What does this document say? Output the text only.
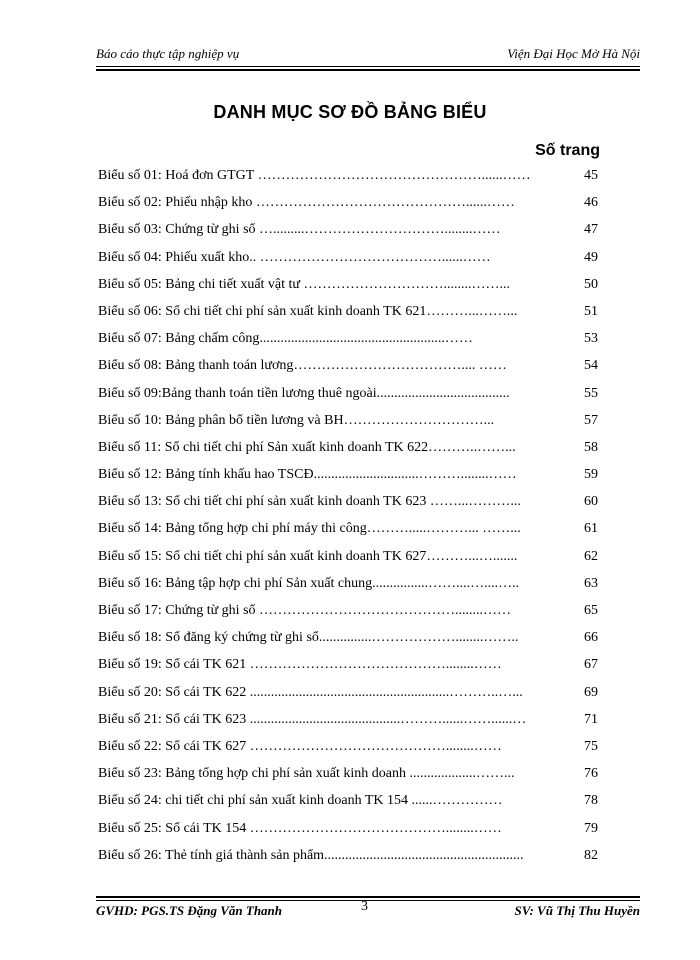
Báo cáo thực tập nghiệp vụ	Viện Đại Học Mở Hà Nội
DANH MỤC SƠ ĐỒ BẢNG BIỂU
Số trang
Biểu số 01: Hoá đơn GTGT …………………………………………......……	45
Biểu số 02: Phiếu nhập kho ………………………………………......……	46
Biểu số 03: Chứng từ ghi sổ ….........…………………………........……	47
Biểu số 04: Phiếu xuất kho.. …………………………………......……	49
Biểu số 05: Bảng chi tiết xuất vật tư …………………………........……...	50
Biểu số 06: Sổ chi tiết chi phí sản xuất kinh doanh TK 621………...……...	51
Biểu số 07: Bảng chấm công.....................................................……	53
Biểu số 08: Bảng thanh toán lương……………………………….... ……	54
Biểu số 09:Bảng thanh toán tiền lương thuê ngoài......................................	55
Biểu số 10: Bảng phân bổ tiền lương và BH…………………………...	57
Biểu số 11: Sổ chi tiết chi phí Sản xuất kinh doanh TK 622………..……...	58
Biểu số 12: Bảng tính khấu hao TSCĐ..............................………........……	59
Biểu số 13: Sổ chi tiết chi phí sản xuất kinh doanh TK 623 ……...………...	60
Biểu số 14: Bảng tổng hợp chi phí máy thi công……….....………... ……...	61
Biểu số 15: Sổ chi tiết chi phí sản xuất kinh doanh TK 627………...….......	62
Biểu số 16: Bảng tập hợp chi phí Sản xuất chung................……....…....…..	63
Biểu số 17: Chứng từ ghi sổ ……………………………………........……	65
Biểu số 18: Sổ đăng ký chứng từ ghi sổ...............………………........……..	66
Biểu số 19: Sổ cái TK 621 ……………………………………........……	67
Biểu số 20: Sổ cái TK 622 .........................................................………..…...	69
Biểu số 21: Sổ cái TK 623 ...........................................………......……......…	71
Biểu số 22: Sổ cái TK 627 ……………………………………........……	75
Biểu số 23: Bảng tổng hợp chi phí sản xuất kinh doanh ...................……...	76
Biểu số 24: chi tiết chi phí sản xuất kinh doanh TK 154 ......……………	78
Biểu số 25: Sổ cái TK 154 ……………………………………........……	79
Biểu số 26: Thẻ tính giá thành sản phẩm.........................................................	82
GVHD: PGS.TS Đặng Văn Thanh	3	SV: Vũ Thị Thu Huyền
